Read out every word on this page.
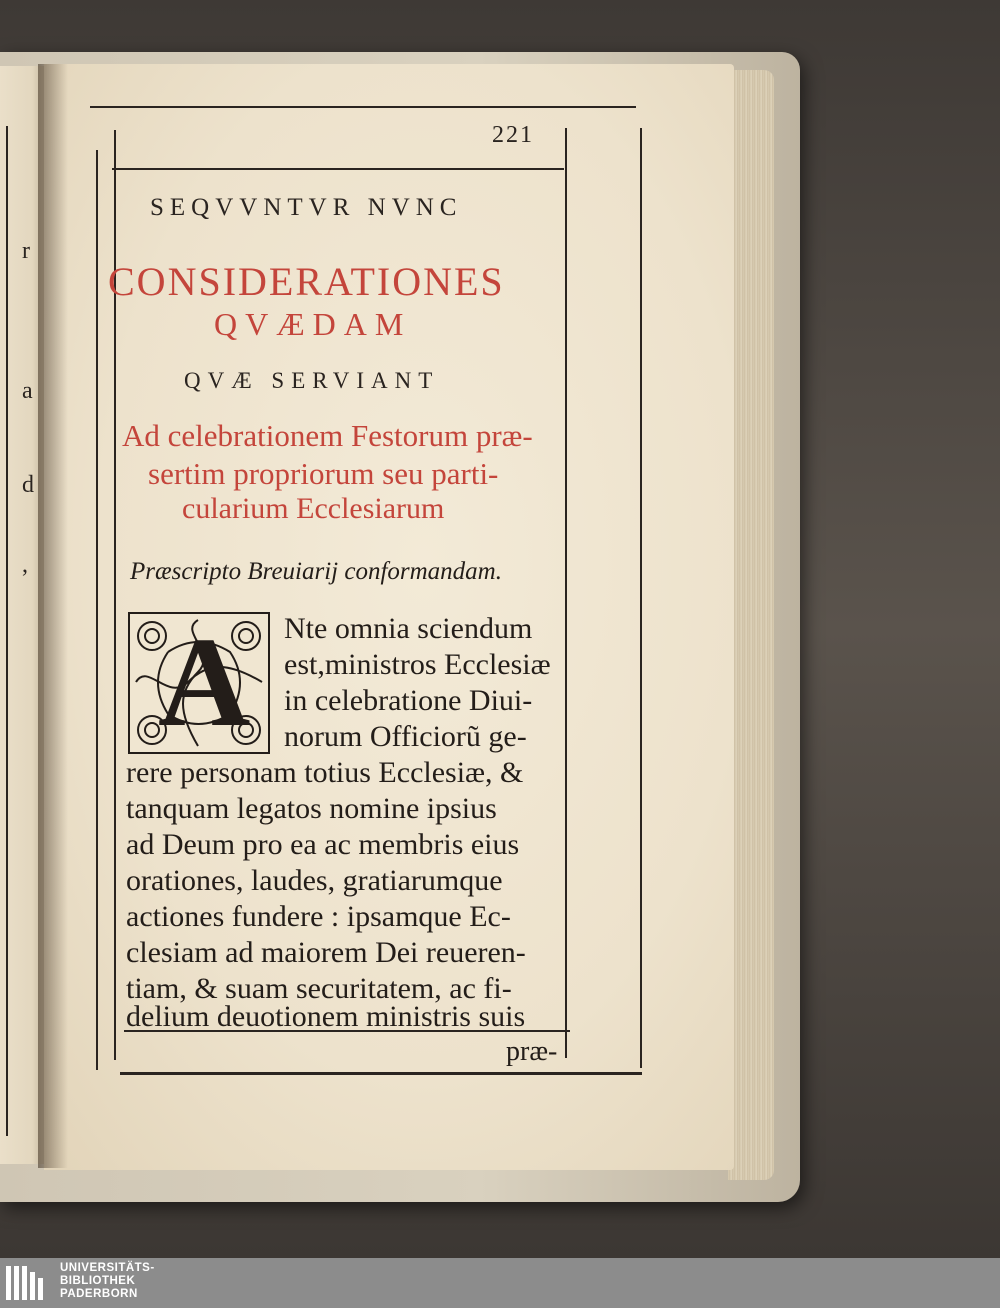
r
a
d
,
221
SEQVVNTVR NVNC
CONSIDERATIONES
QVÆDAM
QVÆ SERVIANT
Ad celebrationem Festorum præ-
sertim propriorum seu parti-
cularium Ecclesiarum
Præscripto Breuiarij conformandam.
A Nte omnia sciendum
est,ministros Ecclesiæ
in celebratione Diui-
norum Officiorũ ge-
rere personam totius Ecclesiæ, &
tanquam legatos nomine ipsius
ad Deum pro ea ac membris eius
orationes, laudes, gratiarumque
actiones fundere : ipsamque Ec-
clesiam ad maiorem Dei reueren-
tiam, & suam securitatem, ac fi-
delium deuotionem ministris suis
præ-
UNIVERSITÄTS-
BIBLIOTHEK
PADERBORN
